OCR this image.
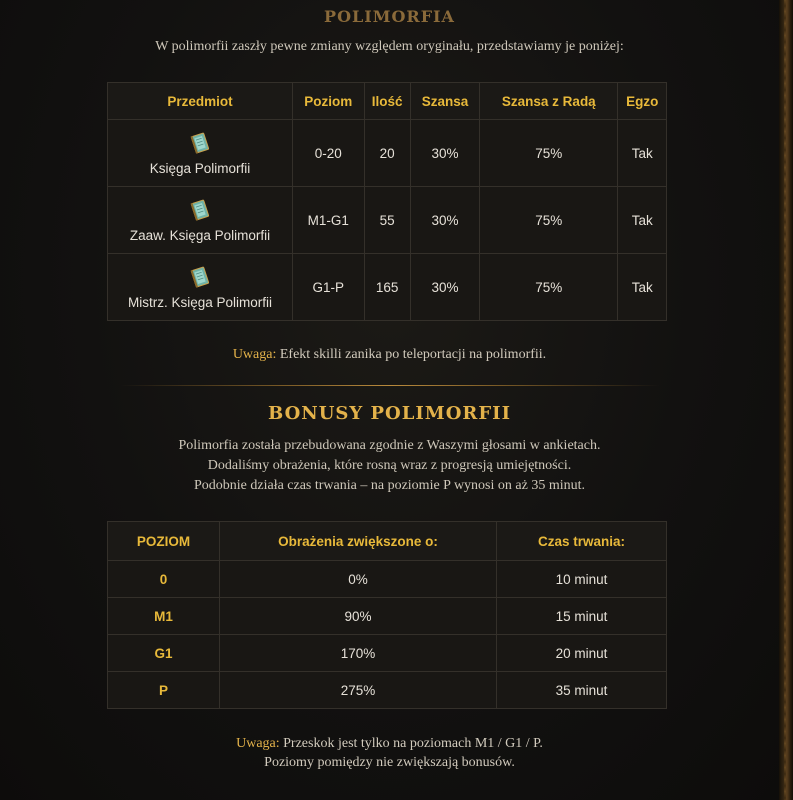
POLIMORFIA
W polimorfii zaszły pewne zmiany względem oryginału, przedstawiamy je poniżej:
Przedmiot	Poziom	Ilość	Szansa	Szansa z Radą	Egzo

Księga Polimorfii	0-20	20	30%	75%	Tak

Zaaw. Księga Polimorfii	M1-G1	55	30%	75%	Tak

Mistrz. Księga Polimorfii	G1-P	165	30%	75%	Tak
Uwaga: Efekt skilli zanika po teleportacji na polimorfii.
BONUSY POLIMORFII
Polimorfia została przebudowana zgodnie z Waszymi głosami w ankietach.
Dodaliśmy obrażenia, które rosną wraz z progresją umiejętności.
Podobnie działa czas trwania – na poziomie P wynosi on aż 35 minut.
POZIOM	Obrażenia zwiększone o:	Czas trwania:
0	0%	10 minut
M1	90%	15 minut
G1	170%	20 minut
P	275%	35 minut
Uwaga: Przeskok jest tylko na poziomach M1 / G1 / P.
Poziomy pomiędzy nie zwiększają bonusów.
